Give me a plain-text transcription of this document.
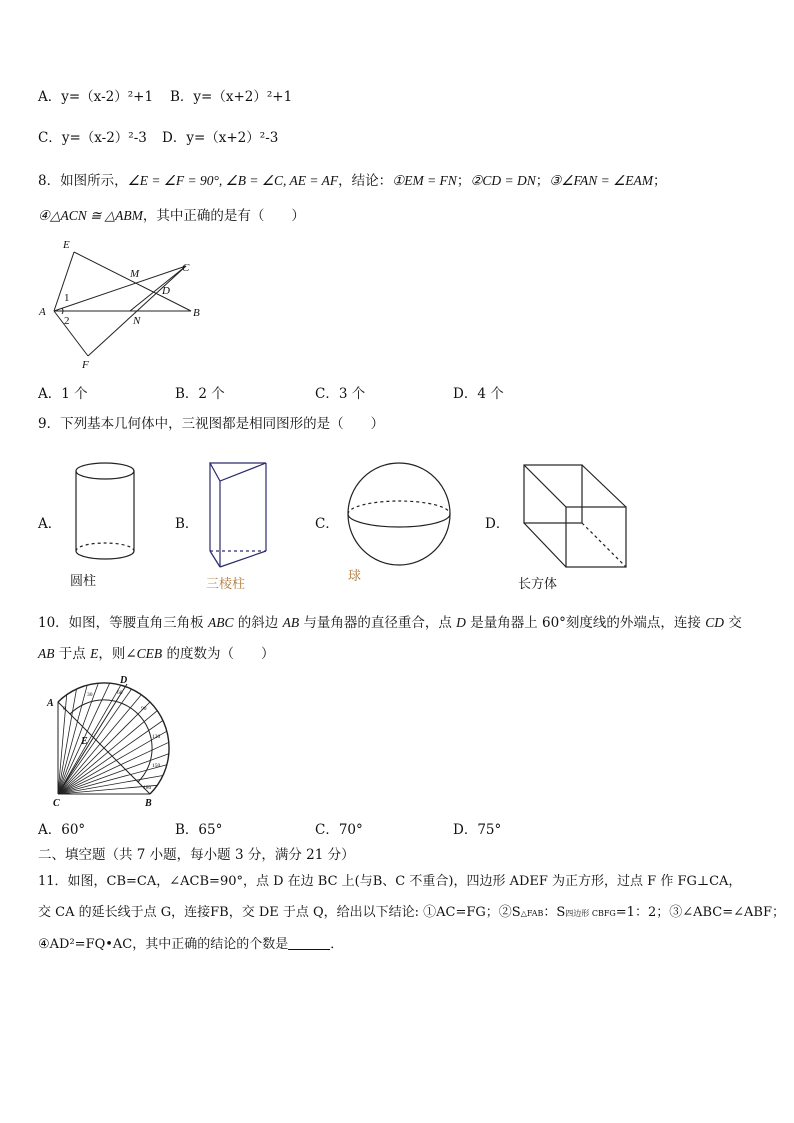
A．y=（x-2）²+1 B．y=（x+2）²+1
C．y=（x-2）²-3 D．y=（x+2）²-3
8．如图所示，∠E = ∠F = 90°, ∠B = ∠C, AE = AF，结论：①EM = FN；②CD = DN；③∠FAN = ∠EAM；
④△ACN ≅ △ABM，其中正确的是有（　　）
E
M	C
D
A
1
2	N
B
F
A．1 个	B．2 个	C．3 个	D．4 个
9．下列基本几何体中，三视图都是相同图形的是（　　）
A．
圆柱
B．
三棱柱
C．
球
D．
长方体
10．如图，等腰直角三角板 ABC 的斜边 AB 与量角器的直径重合，点 D 是量角器上 60°刻度线的外端点，连接 CD 交
AB 于点 E，则∠CEB 的度数为（　　）
0
30	60
90
120
150
180
A
D
E
C	B
A．60°	B．65°	C．70°	D．75°
二、填空题（共 7 小题，每小题 3 分，满分 21 分）
11．如图，CB=CA，∠ACB=90°，点 D 在边 BC 上(与B、C 不重合)，四边形 ADEF 为正方形，过点 F 作 FG⊥CA，
交 CA 的延长线于点 G，连接FB，交 DE 于点 Q，给出以下结论: ①AC=FG；②S△FAB：S四边形 CBFG=1：2；③∠ABC=∠ABF；
④AD²=FQ•AC，其中正确的结论的个数是	．
